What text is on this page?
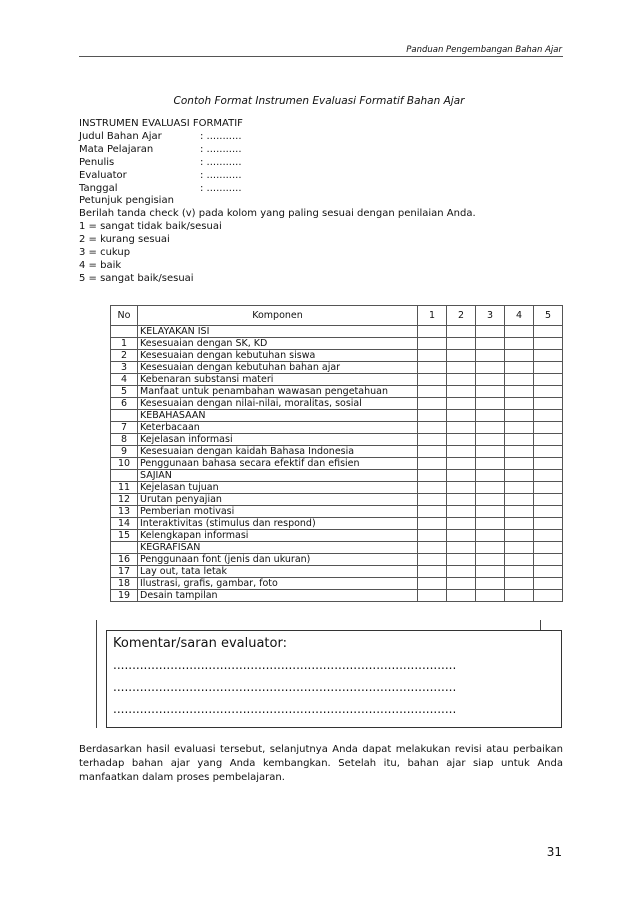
Panduan Pengembangan Bahan Ajar
Contoh Format Instrumen Evaluasi Formatif Bahan Ajar
INSTRUMEN EVALUASI FORMATIF
Judul Bahan Ajar	: ...........
Mata Pelajaran	: ...........
Penulis	: ...........
Evaluator	: ...........
Tanggal	: ...........
Petunjuk pengisian
Berilah tanda check (v) pada kolom yang paling sesuai dengan penilaian Anda.
1 = sangat tidak baik/sesuai
2 = kurang sesuai
3 = cukup
4 = baik
5 = sangat baik/sesuai
No	Komponen	1	2	3	4	5
	KELAYAKAN ISI					
1	Kesesuaian dengan SK, KD					
2	Kesesuaian dengan kebutuhan siswa					
3	Kesesuaian dengan kebutuhan bahan ajar					
4	Kebenaran substansi materi					
5	Manfaat untuk penambahan wawasan pengetahuan					
6	Kesesuaian dengan nilai-nilai, moralitas, sosial					
	KEBAHASAAN					
7	Keterbacaan					
8	Kejelasan informasi					
9	Kesesuaian dengan kaidah Bahasa Indonesia					
10	Penggunaan bahasa secara efektif dan efisien					
	SAJIAN					
11	Kejelasan tujuan					
12	Urutan penyajian					
13	Pemberian motivasi					
14	Interaktivitas (stimulus dan respond)					
15	Kelengkapan informasi					
	KEGRAFISAN					
16	Penggunaan font (jenis dan ukuran)					
17	Lay out, tata letak					
18	Ilustrasi, grafis, gambar, foto					
19	Desain tampilan					
Komentar/saran evaluator:
..........................................................................................
..........................................................................................
..........................................................................................
Berdasarkan hasil evaluasi tersebut, selanjutnya Anda dapat melakukan revisi atau perbaikan terhadap bahan ajar yang Anda kembangkan. Setelah itu, bahan ajar siap untuk Anda manfaatkan dalam proses pembelajaran.
31
